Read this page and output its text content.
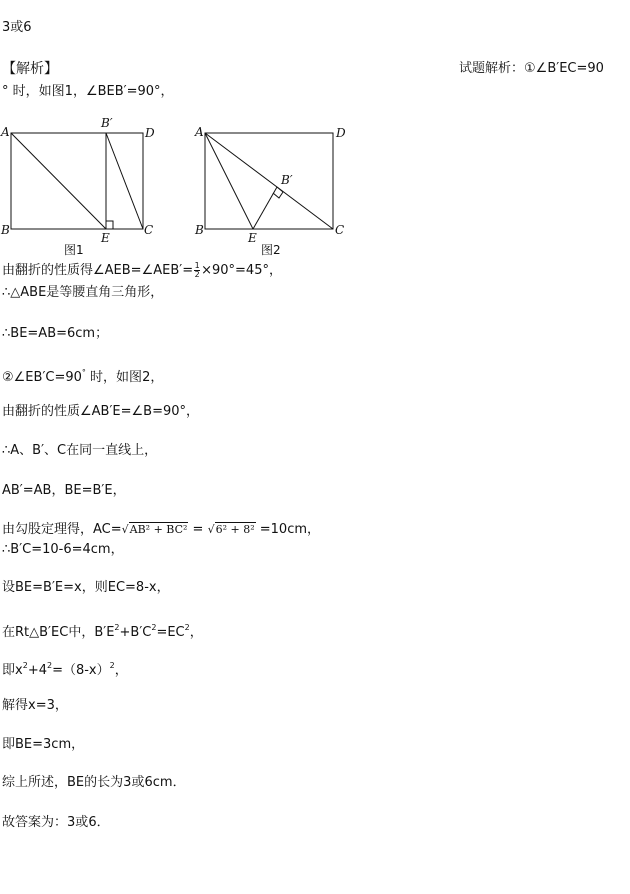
3或6
【解析】	试题解析：①∠B′EC=90
° 时，如图1，∠BEB′=90°，
A
B′
D
B
E
C
图1
A	D
B′
B
E
C
图2
由翻折的性质得∠AEB=∠AEB′= $\frac{1}{2} \times 90^\circ=45^\circ$，
∴△ABE是等腰直角三角形，
∴BE=AB=6cm；
②∠EB′C=90° 时，如图2，
由翻折的性质∠AB′E=∠B=90°，
∴A、B′、C在同一直线上，
AB′=AB，BE=B′E，
由勾股定理得，AC=√AB² + BC² = √6² + 8² =10cm，
∴B′C=10-6=4cm，
设BE=B′E=x，则EC=8-x，
在Rt△B′EC中，$B'E^2+B'C^2=EC^2$，
即$x^2+4^2=(8-x)^2$，
解得x=3，
即BE=3cm，
综上所述，BE的长为3或6cm．
故答案为：3或6．
